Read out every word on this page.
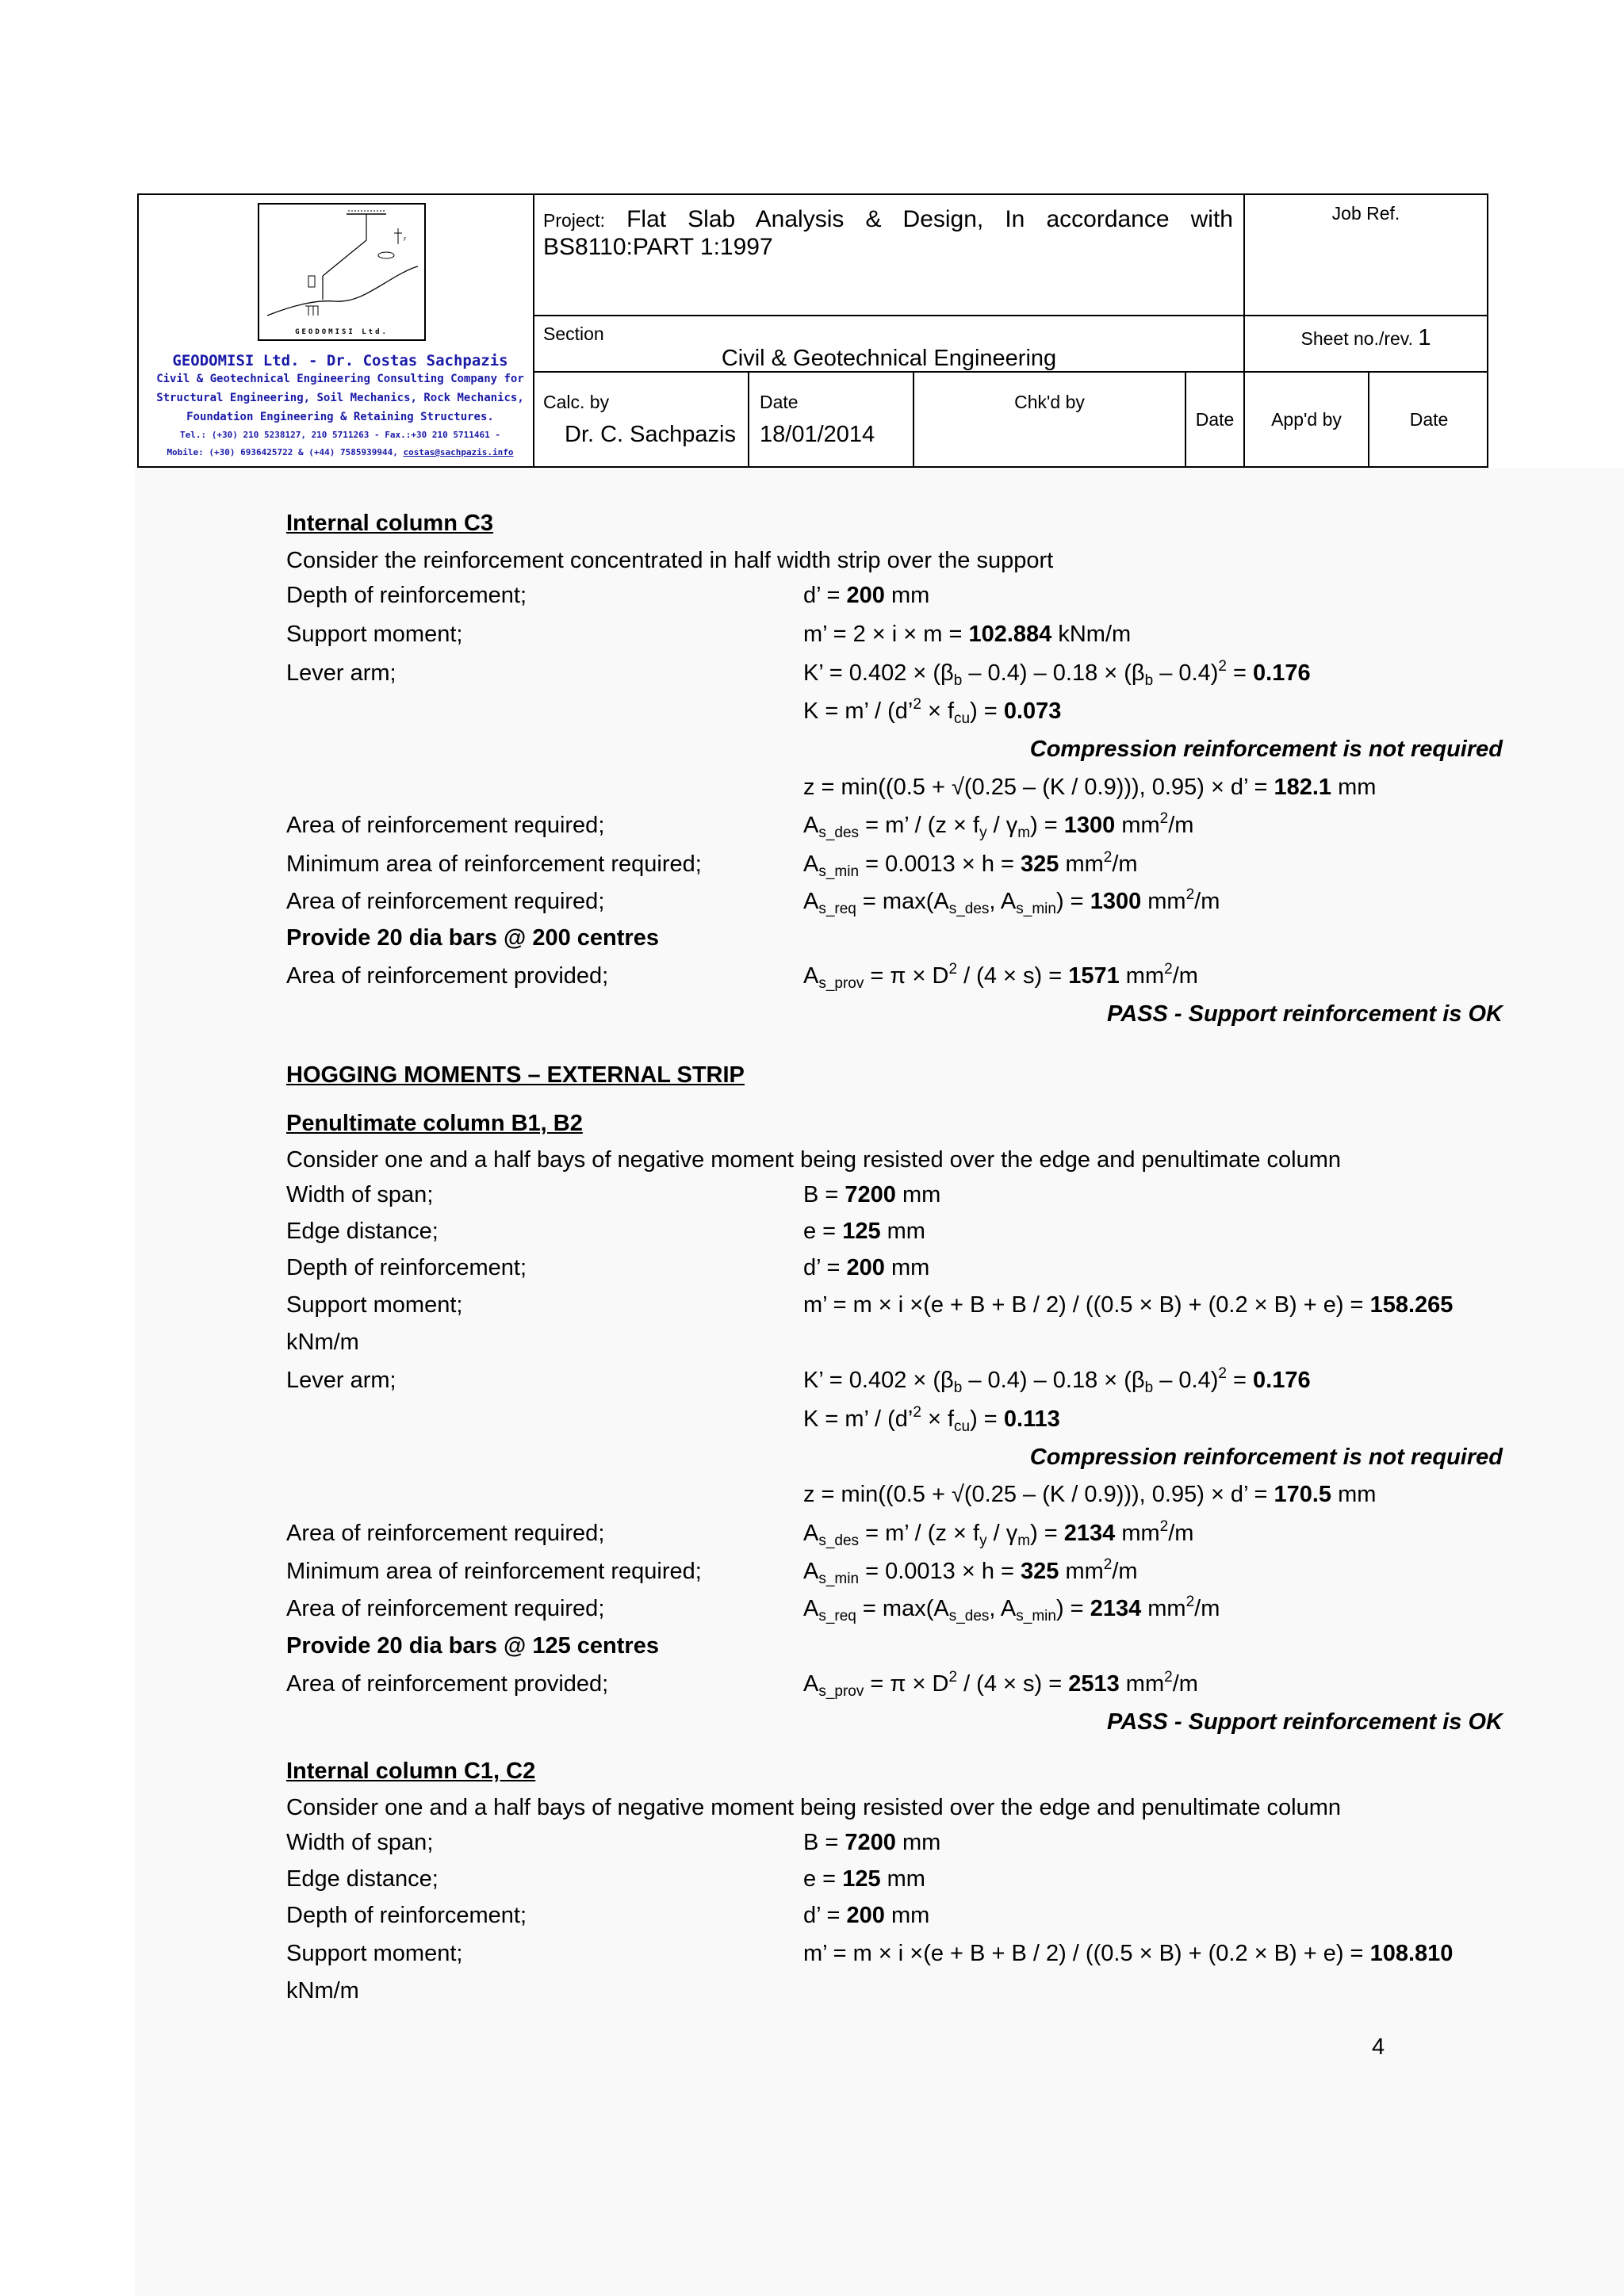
F
GEODOMISI Ltd.
GEODOMISI Ltd. - Dr. Costas Sachpazis
Civil & Geotechnical Engineering Consulting Company for
Structural Engineering, Soil Mechanics, Rock Mechanics,
Foundation Engineering & Retaining Structures.
Tel.: (+30) 210 5238127, 210 5711263 - Fax.:+30 210 5711461 -
Mobile: (+30) 6936425722 & (+44) 7585939944, costas@sachpazis.info
Project: Flat Slab Analysis & Design, In accordance with BS8110:PART 1:1997
Job Ref.
Section
Civil & Geotechnical Engineering
Sheet no./rev. 1
Calc. by
Dr. C. Sachpazis
Date
18/01/2014
Chk'd by
Date	App'd by	Date
Internal column C3
Consider the reinforcement concentrated in half width strip over the support
Depth of reinforcement;	d’ = 200 mm
Support moment;	m’ = 2 × i × m = 102.884 kNm/m
Lever arm;	K’ = $0.402 \times (\beta_b - 0.4) - 0.18 \times (\beta_b - 0.4)^2 = 0.176$
K = m’ / (d’$^2$ × $f_{cu}) = 0.073$
Compression reinforcement is not required
z = min((0.5 + √(0.25 – (K / 0.9))), 0.95) × d’ = 182.1 mm
Area of reinforcement required;	$A_{s\_des} = m$’ / $(z \times f_y / \gamma_m) = 1300$ $mm^2/m$
Minimum area of reinforcement required;	$A_{s\_min} = 0.0013 \times h = 325$ $mm^2/m$
Area of reinforcement required;	$A_{s\_req} = \max(A_{s\_des}$, $A_{s\_min}) = 1300$ $mm^2/m$
Provide 20 dia bars @ 200 centres
Area of reinforcement provided;	$A_{s\_prov} = \pi \times D^2 / (4 \times s) = 1571$ $mm^2/m$
PASS - Support reinforcement is OK
HOGGING MOMENTS – EXTERNAL STRIP
Penultimate column B1, B2
Consider one and a half bays of negative moment being resisted over the edge and penultimate column
Width of span;	B = 7200 mm
Edge distance;	e = 125 mm
Depth of reinforcement;	d’ = 200 mm
Support moment;	m’ = m × i ×(e + B + B / 2) / ((0.5 × B) + (0.2 × B) + e) = 158.265
kNm/m
Lever arm;	K’ = $0.402 \times (\beta_b - 0.4) - 0.18 \times (\beta_b - 0.4)^2 = 0.176$
K = m’ / (d’$^2$ × $f_{cu}) = 0.113$
Compression reinforcement is not required
z = min((0.5 + √(0.25 – (K / 0.9))), 0.95) × d’ = 170.5 mm
Area of reinforcement required;	$A_{s\_des} = m$’ / $(z \times f_y / \gamma_m) = 2134$ $mm^2/m$
Minimum area of reinforcement required;	$A_{s\_min} = 0.0013 \times h = 325$ $mm^2/m$
Area of reinforcement required;	$A_{s\_req} = \max(A_{s\_des}$, $A_{s\_min}) = 2134$ $mm^2/m$
Provide 20 dia bars @ 125 centres
Area of reinforcement provided;	$A_{s\_prov} = \pi \times D^2 / (4 \times s) = 2513$ $mm^2/m$
PASS - Support reinforcement is OK
Internal column C1, C2
Consider one and a half bays of negative moment being resisted over the edge and penultimate column
Width of span;	B = 7200 mm
Edge distance;	e = 125 mm
Depth of reinforcement;	d’ = 200 mm
Support moment;	m’ = m × i ×(e + B + B / 2) / ((0.5 × B) + (0.2 × B) + e) = 108.810
kNm/m
4
